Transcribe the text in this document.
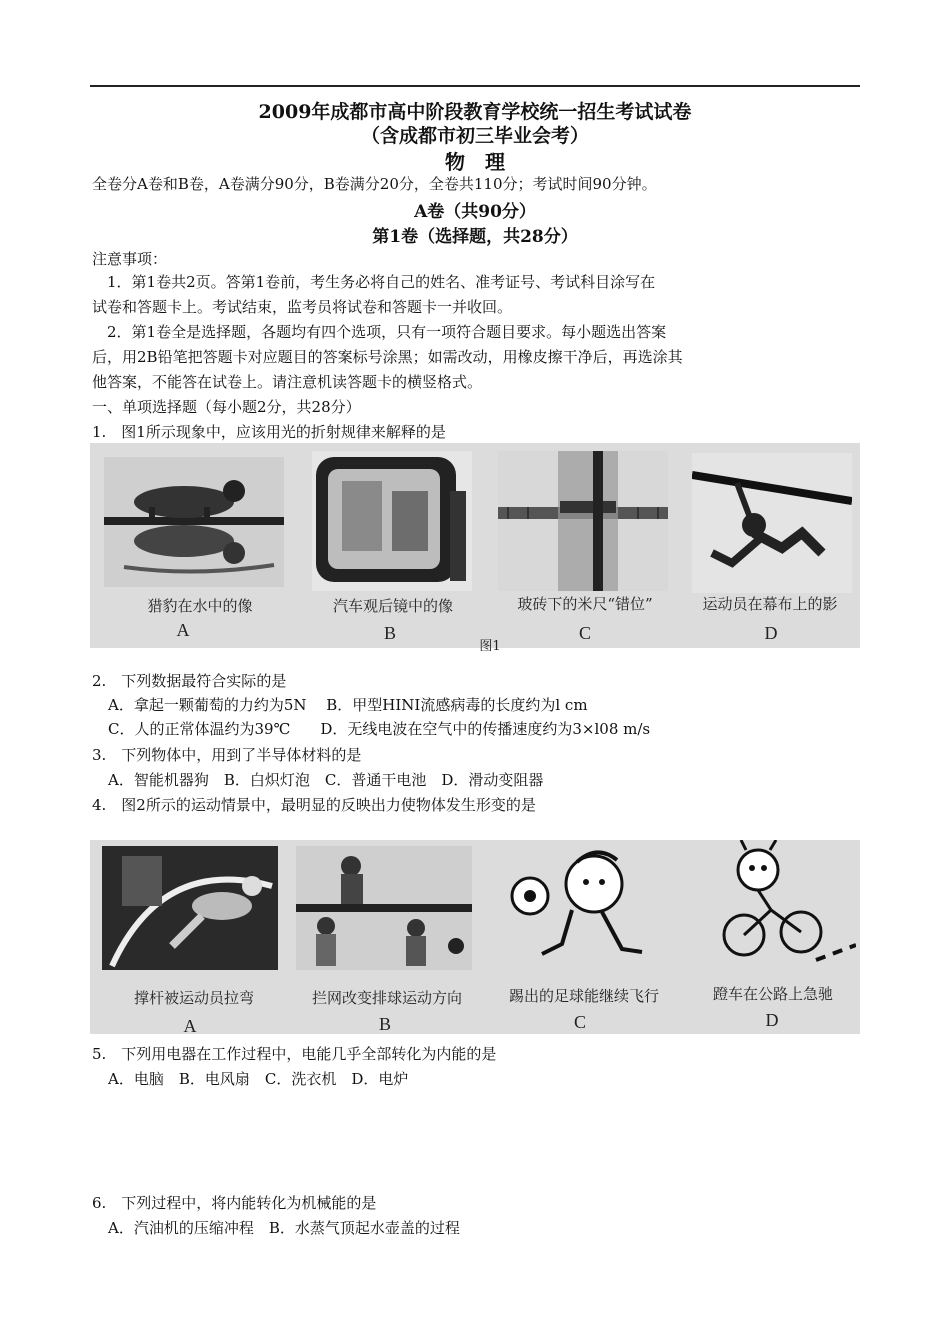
2009年成都市高中阶段教育学校统一招生考试试卷
（含成都市初三毕业会考）
物　理
全卷分A卷和B卷，A卷满分90分，B卷满分20分，全卷共110分；考试时间90分钟。
A卷（共90分）
第1卷（选择题，共28分）
注意事项：
　1．第1卷共2页。答第1卷前，考生务必将自己的姓名、准考证号、考试科目涂写在
试卷和答题卡上。考试结束，监考员将试卷和答题卡一并收回。
　2．第1卷全是选择题，各题均有四个选项，只有一项符合题目要求。每小题选出答案
后，用2B铅笔把答题卡对应题目的答案标号涂黑；如需改动，用橡皮擦干净后，再选涂其
他答案，不能答在试卷上。请注意机读答题卡的横竖格式。
一、单项选择题（每小题2分，共28分）
1.　图1所示现象中，应该用光的折射规律来解释的是
猎豹在水中的像	汽车观后镜中的像	玻砖下的米尺“错位”	运动员在幕布上的影
A	B	C	D
图1
2.　下列数据最符合实际的是
A．拿起一颗葡萄的力约为5N　 B．甲型HINI流感病毒的长度约为l cm
C．人的正常体温约为39℃　　D．无线电波在空气中的传播速度约为3×l08 m/s
3.　下列物体中，用到了半导体材料的是
A．智能机器狗　B．白炽灯泡　C．普通干电池　D．滑动变阻器
4.　图2所示的运动情景中，最明显的反映出力使物体发生形变的是
撑杆被运动员拉弯	拦网改变排球运动方向	踢出的足球能继续飞行	蹬车在公路上急驰
A	B	C	D
5.　下列用电器在工作过程中，电能几乎全部转化为内能的是
A．电脑　B．电风扇　C．洗衣机　D．电炉
6.　下列过程中，将内能转化为机械能的是
A．汽油机的压缩冲程　B．水蒸气顶起水壶盖的过程
